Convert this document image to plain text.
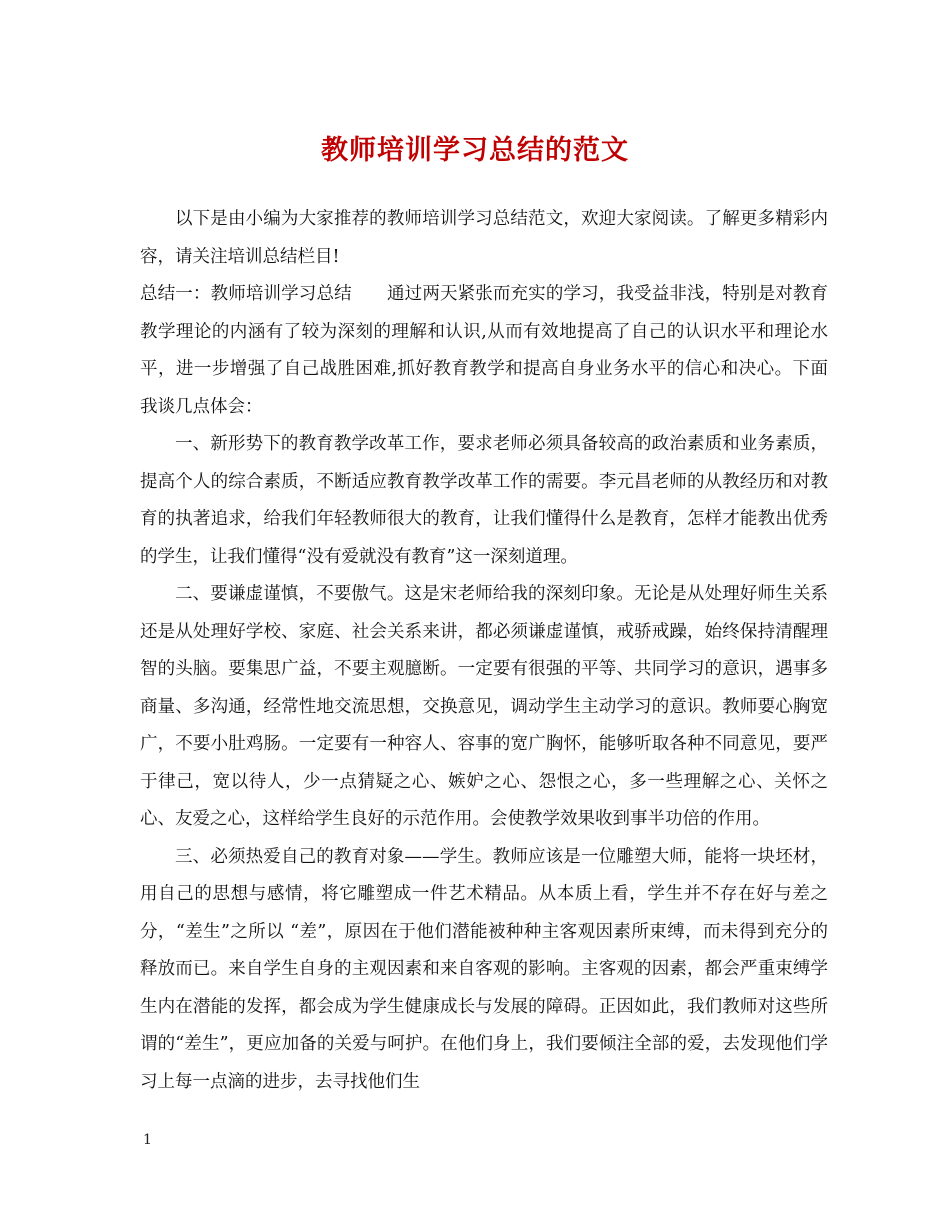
教师培训学习总结的范文

以下是由小编为大家推荐的教师培训学习总结范文，欢迎大家阅读。了解更多精彩内容，请关注培训总结栏目!

总结一：教师培训学习总结　　通过两天紧张而充实的学习，我受益非浅，特别是对教育教学理论的内涵有了较为深刻的理解和认识,从而有效地提高了自己的认识水平和理论水平，进一步增强了自己战胜困难,抓好教育教学和提高自身业务水平的信心和决心。下面我谈几点体会：

一、新形势下的教育教学改革工作，要求老师必须具备较高的政治素质和业务素质，提高个人的综合素质，不断适应教育教学改革工作的需要。李元昌老师的从教经历和对教育的执著追求，给我们年轻教师很大的教育，让我们懂得什么是教育，怎样才能教出优秀的学生，让我们懂得“没有爱就没有教育”这一深刻道理。

二、要谦虚谨慎，不要傲气。这是宋老师给我的深刻印象。无论是从处理好师生关系还是从处理好学校、家庭、社会关系来讲，都必须谦虚谨慎，戒骄戒躁，始终保持清醒理智的头脑。要集思广益，不要主观臆断。一定要有很强的平等、共同学习的意识，遇事多商量、多沟通，经常性地交流思想，交换意见，调动学生主动学习的意识。教师要心胸宽广，不要小肚鸡肠。一定要有一种容人、容事的宽广胸怀，能够听取各种不同意见，要严于律己，宽以待人，少一点猜疑之心、嫉妒之心、怨恨之心，多一些理解之心、关怀之心、友爱之心，这样给学生良好的示范作用。会使教学效果收到事半功倍的作用。

三、必须热爱自己的教育对象——学生。教师应该是一位雕塑大师，能将一块坯材，用自己的思想与感情，将它雕塑成一件艺术精品。从本质上看，学生并不存在好与差之分，“差生”之所以 “差”，原因在于他们潜能被种种主客观因素所束缚，而未得到充分的释放而已。来自学生自身的主观因素和来自客观的影响。主客观的因素，都会严重束缚学生内在潜能的发挥，都会成为学生健康成长与发展的障碍。正因如此，我们教师对这些所谓的“差生”，更应加备的关爱与呵护。在他们身上，我们要倾注全部的爱，去发现他们学习上每一点滴的进步，去寻找他们生

1
